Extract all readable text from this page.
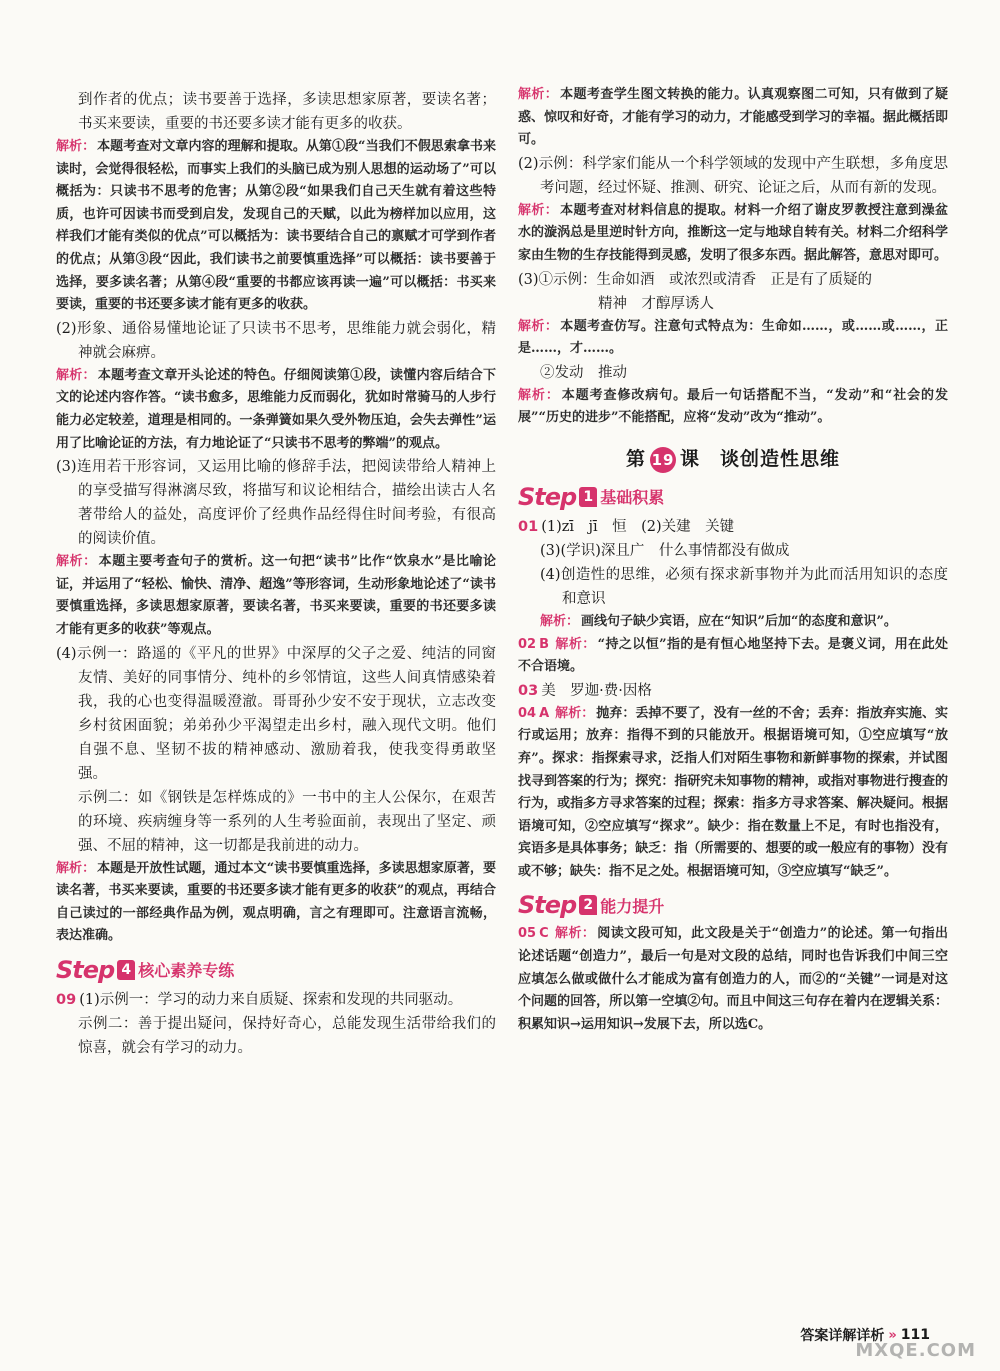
到作者的优点；读书要善于选择，多读思想家原著，要读名著；书买来要读，重要的书还要多读才能有更多的收获。

解析： 本题考查对文章内容的理解和提取。从第①段“当我们不假思索拿书来读时，会觉得很轻松，而事实上我们的头脑已成为别人思想的运动场了”可以概括为：只读书不思考的危害；从第②段“如果我们自己天生就有着这些特质，也许可因读书而受到启发，发现自己的天赋，以此为榜样加以应用，这样我们才能有类似的优点”可以概括为：读书要结合自己的禀赋才可学到作者的优点；从第③段“因此，我们读书之前要慎重选择”可以概括：读书要善于选择，要多读名著；从第④段“重要的书都应该再读一遍”可以概括：书买来要读，重要的书还要多读才能有更多的收获。

(2)形象、通俗易懂地论证了只读书不思考，思维能力就会弱化，精神就会麻痹。

解析： 本题考查文章开头论述的特色。仔细阅读第①段，读懂内容后结合下文的论述内容作答。“读书愈多，思维能力反而弱化，犹如时常骑马的人步行能力必定较差，道理是相同的。一条弹簧如果久受外物压迫，会失去弹性”运用了比喻论证的方法，有力地论证了“只读书不思考的弊端”的观点。

(3)连用若干形容词，又运用比喻的修辞手法，把阅读带给人精神上的享受描写得淋漓尽致，将描写和议论相结合，描绘出读古人名著带给人的益处，高度评价了经典作品经得住时间考验，有很高的阅读价值。

解析： 本题主要考查句子的赏析。这一句把“读书”比作“饮泉水”是比喻论证，并运用了“轻松、愉快、清净、超逸”等形容词，生动形象地论述了“读书要慎重选择，多读思想家原著，要读名著，书买来要读，重要的书还要多读才能有更多的收获”等观点。

(4)示例一：路遥的《平凡的世界》中深厚的父子之爱、纯洁的同窗友情、美好的同事情分、纯朴的乡邻情谊，这些人间真情感染着我，我的心也变得温暖澄澈。哥哥孙少安不安于现状，立志改变乡村贫困面貌；弟弟孙少平渴望走出乡村，融入现代文明。他们自强不息、坚韧不拔的精神感动、激励着我，使我变得勇敢坚强。

示例二：如《钢铁是怎样炼成的》一书中的主人公保尔，在艰苦的环境、疾病缠身等一系列的人生考验面前，表现出了坚定、顽强、不屈的精神，这一切都是我前进的动力。

解析： 本题是开放性试题，通过本文“读书要慎重选择，多读思想家原著，要读名著，书买来要读，重要的书还要多读才能有更多的收获”的观点，再结合自己读过的一部经典作品为例，观点明确，言之有理即可。注意语言流畅，表达准确。

Step 4 核心素养专练

09 (1)示例一：学习的动力来自质疑、探索和发现的共同驱动。

示例二：善于提出疑问，保持好奇心，总能发现生活带给我们的惊喜，就会有学习的动力。

解析： 本题考查学生图文转换的能力。认真观察图二可知，只有做到了疑惑、惊叹和好奇，才能有学习的动力，才能感受到学习的幸福。据此概括即可。

(2)示例：科学家们能从一个科学领域的发现中产生联想，多角度思考问题，经过怀疑、推测、研究、论证之后，从而有新的发现。

解析： 本题考查对材料信息的提取。材料一介绍了谢皮罗教授注意到澡盆水的漩涡总是里逆时针方向，推断这一定与地球自转有关。材料二介绍科学家由生物的生存技能得到灵感，发明了很多东西。据此解答，意思对即可。

(3)①示例：生命如酒　或浓烈或清香　正是有了质疑的

精神　才醇厚诱人

解析： 本题考查仿写。注意句式特点为：生命如……，或……或……，正是……，才……。

②发动　推动

解析： 本题考查修改病句。最后一句话搭配不当，“发动”和“社会的发展”“历史的进步”不能搭配，应将“发动”改为“推动”。

第 19 课　谈创造性思维
Step 1 基础积累

01 (1)zī　jī　恒　(2)关建　关键

(3)(学识)深且广　什么事情都没有做成

(4)创造性的思维，必须有探求新事物并为此而活用知识的态度和意识

解析： 画线句子缺少宾语，应在“知识”后加“的态度和意识”。

02 B 解析： “持之以恒”指的是有恒心地坚持下去。是褒义词，用在此处不合语境。

03 美　罗迦·费·因格

04 A 解析： 抛弃：丢掉不要了，没有一丝的不舍；丢弃：指放弃实施、实行或运用；放弃：指得不到的只能放开。根据语境可知，①空应填写“放弃”。探求：指探索寻求，泛指人们对陌生事物和新鲜事物的探索，并试图找寻到答案的行为；探究：指研究未知事物的精神，或指对事物进行搜查的行为，或指多方寻求答案的过程；探索：指多方寻求答案、解决疑问。根据语境可知，②空应填写“探求”。缺少：指在数量上不足，有时也指没有，宾语多是具体事务；缺乏：指（所需要的、想要的或一般应有的事物）没有或不够；缺失：指不足之处。根据语境可知，③空应填写“缺乏”。

Step 2 能力提升

05 C 解析： 阅读文段可知，此文段是关于“创造力”的论述。第一句指出论述话题“创造力”，最后一句是对文段的总结，同时也告诉我们中间三空应填怎么做或做什么才能成为富有创造力的人，而②的“关键”一词是对这个问题的回答，所以第一空填②句。而且中间这三句存在着内在逻辑关系：积累知识→运用知识→发展下去，所以选C。

答案详解详析 » 111
MXQE.COM
